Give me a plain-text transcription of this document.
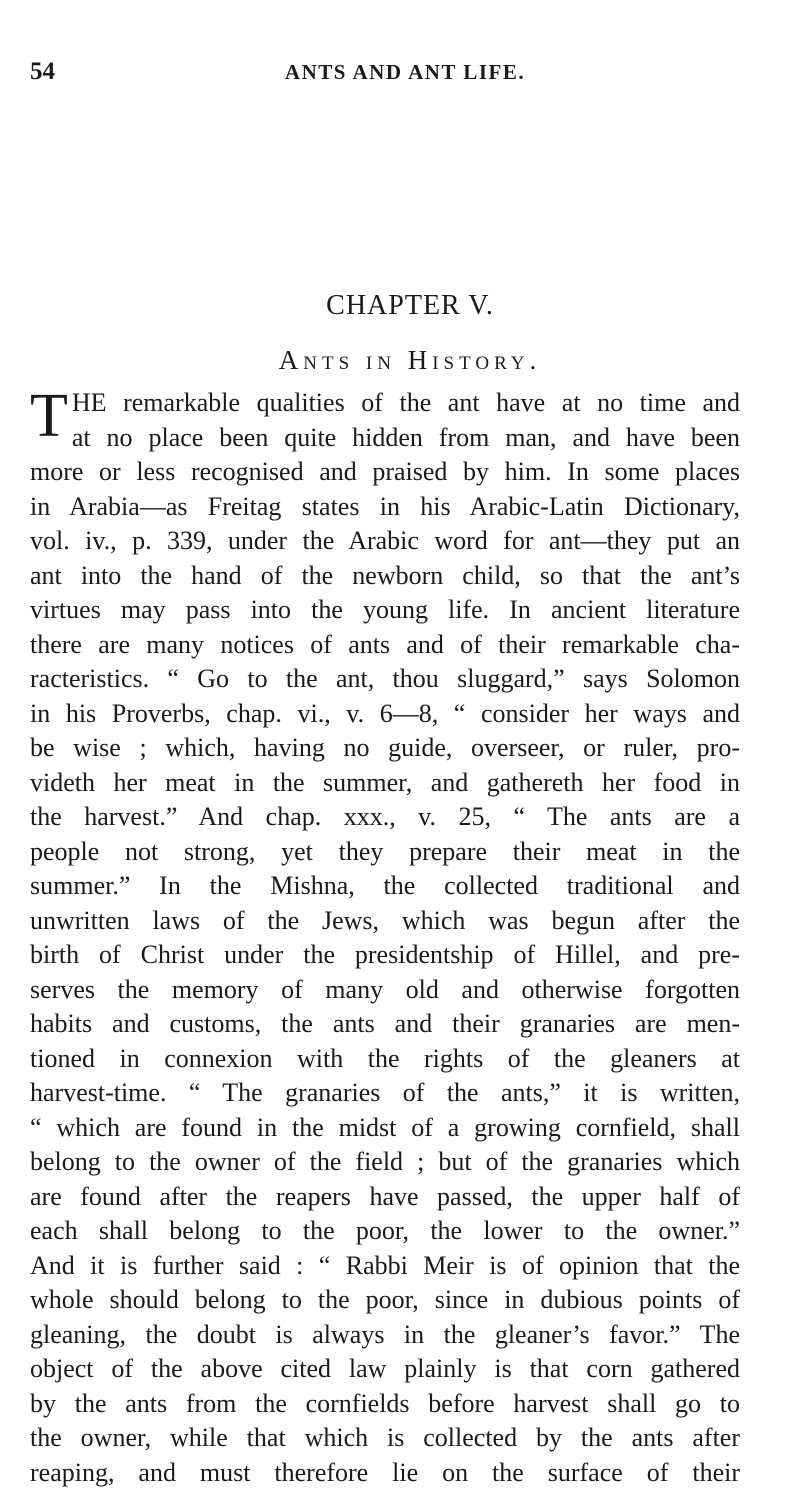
54	ANTS AND ANT LIFE.
CHAPTER V.
Ants in History.
T HE remarkable qualities of the ant have at no time and
at no place been quite hidden from man, and have been
more or less recognised and praised by him. In some places
in Arabia—as Freitag states in his Arabic-Latin Dictionary,
vol. iv., p. 339, under the Arabic word for ant—they put an
ant into the hand of the newborn child, so that the ant’s
virtues may pass into the young life. In ancient literature
there are many notices of ants and of their remarkable cha-
racteristics. “ Go to the ant, thou sluggard,” says Solomon
in his Proverbs, chap. vi., v. 6—8, “ consider her ways and
be wise ; which, having no guide, overseer, or ruler, pro-
videth her meat in the summer, and gathereth her food in
the harvest.” And chap. xxx., v. 25, “ The ants are a
people not strong, yet they prepare their meat in the
summer.” In the Mishna, the collected traditional and
unwritten laws of the Jews, which was begun after the
birth of Christ under the presidentship of Hillel, and pre-
serves the memory of many old and otherwise forgotten
habits and customs, the ants and their granaries are men-
tioned in connexion with the rights of the gleaners at
harvest-time. “ The granaries of the ants,” it is written,
“ which are found in the midst of a growing cornfield, shall
belong to the owner of the field ; but of the granaries which
are found after the reapers have passed, the upper half of
each shall belong to the poor, the lower to the owner.”
And it is further said : “ Rabbi Meir is of opinion that the
whole should belong to the poor, since in dubious points of
gleaning, the doubt is always in the gleaner’s favor.” The
object of the above cited law plainly is that corn gathered
by the ants from the cornfields before harvest shall go to
the owner, while that which is collected by the ants after
reaping, and must therefore lie on the surface of their
